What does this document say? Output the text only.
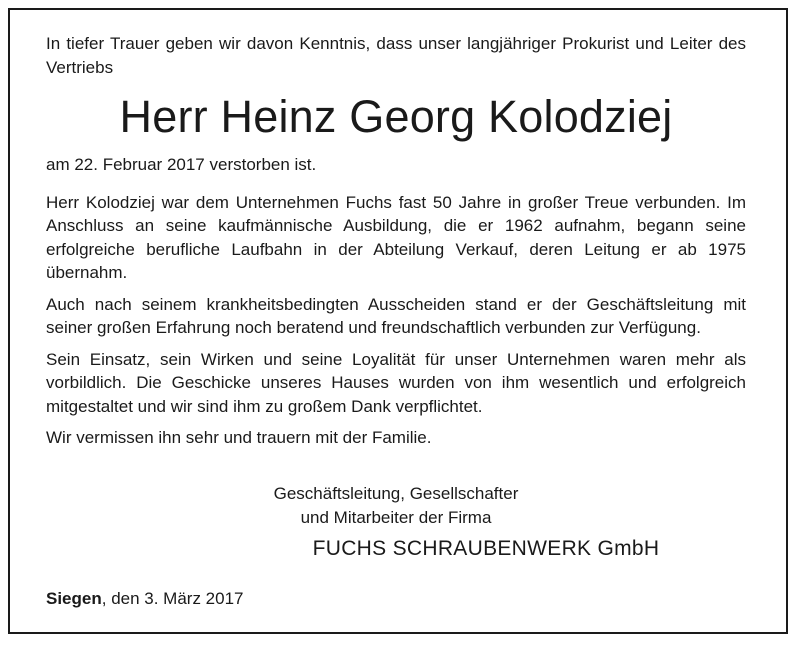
In tiefer Trauer geben wir davon Kenntnis, dass unser langjähriger Prokurist und Leiter des Vertriebs

Herr Heinz Georg Kolodziej

am 22. Februar 2017 verstorben ist.

Herr Kolodziej war dem Unternehmen Fuchs fast 50 Jahre in großer Treue verbunden. Im Anschluss an seine kaufmännische Ausbildung, die er 1962 aufnahm, begann seine erfolgreiche berufliche Laufbahn in der Abteilung Verkauf, deren Leitung er ab 1975 übernahm.

Auch nach seinem krankheitsbedingten Ausscheiden stand er der Geschäftsleitung mit seiner großen Erfahrung noch beratend und freundschaftlich verbunden zur Verfügung.

Sein Einsatz, sein Wirken und seine Loyalität für unser Unternehmen waren mehr als vorbildlich. Die Geschicke unseres Hauses wurden von ihm wesentlich und erfolgreich mitgestaltet und wir sind ihm zu großem Dank verpflichtet.

Wir vermissen ihn sehr und trauern mit der Familie.

Geschäftsleitung, Gesellschafter

und Mitarbeiter der Firma

FUCHS SCHRAUBENWERK GmbH

Siegen, den 3. März 2017
